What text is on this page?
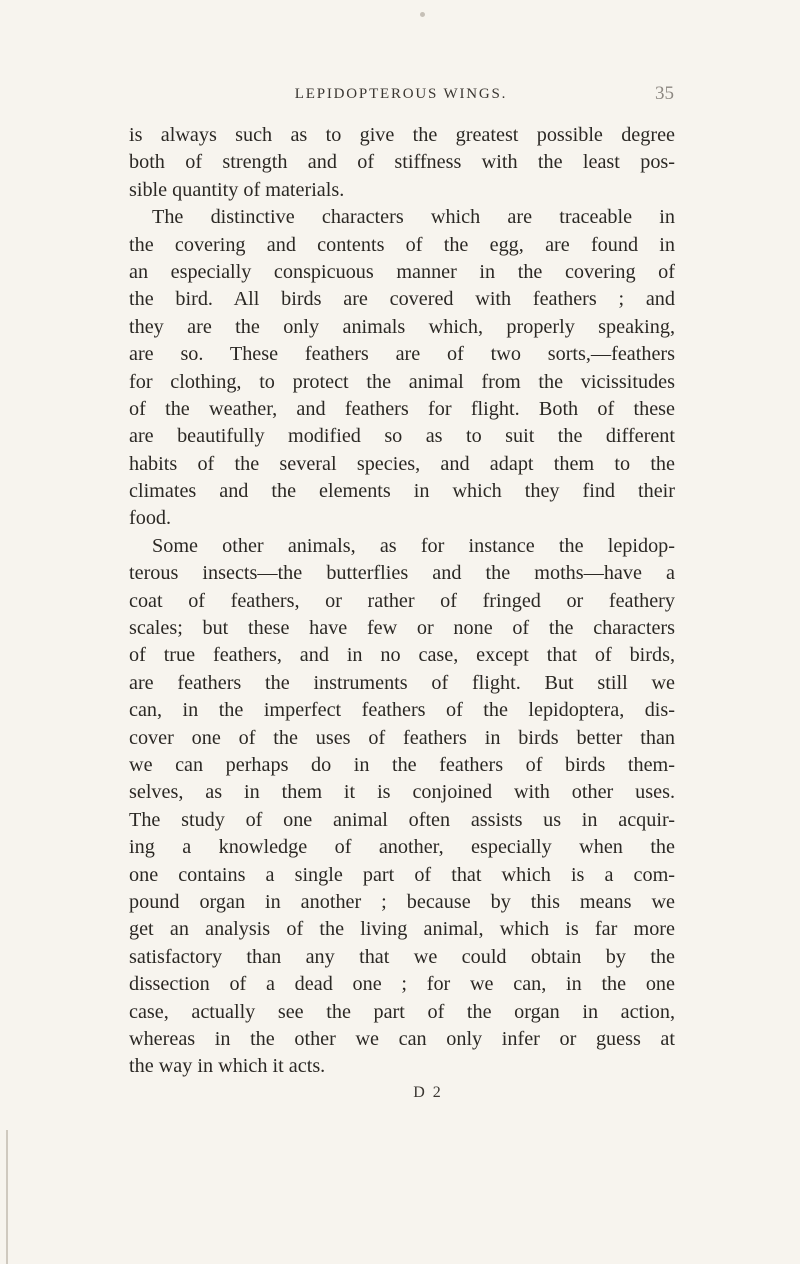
LEPIDOPTEROUS WINGS.	35
is always such as to give the greatest possible degree
both of strength and of stiffness with the least pos-
sible quantity of materials.
The distinctive characters which are traceable in
the covering and contents of the egg, are found in
an especially conspicuous manner in the covering of
the bird. All birds are covered with feathers ; and
they are the only animals which, properly speaking,
are so. These feathers are of two sorts,—feathers
for clothing, to protect the animal from the vicissitudes
of the weather, and feathers for flight. Both of these
are beautifully modified so as to suit the different
habits of the several species, and adapt them to the
climates and the elements in which they find their
food.
Some other animals, as for instance the lepidop-
terous insects—the butterflies and the moths—have a
coat of feathers, or rather of fringed or feathery
scales; but these have few or none of the characters
of true feathers, and in no case, except that of birds,
are feathers the instruments of flight. But still we
can, in the imperfect feathers of the lepidoptera, dis-
cover one of the uses of feathers in birds better than
we can perhaps do in the feathers of birds them-
selves, as in them it is conjoined with other uses.
The study of one animal often assists us in acquir-
ing a knowledge of another, especially when the
one contains a single part of that which is a com-
pound organ in another ; because by this means we
get an analysis of the living animal, which is far more
satisfactory than any that we could obtain by the
dissection of a dead one ; for we can, in the one
case, actually see the part of the organ in action,
whereas in the other we can only infer or guess at
the way in which it acts.
D 2
